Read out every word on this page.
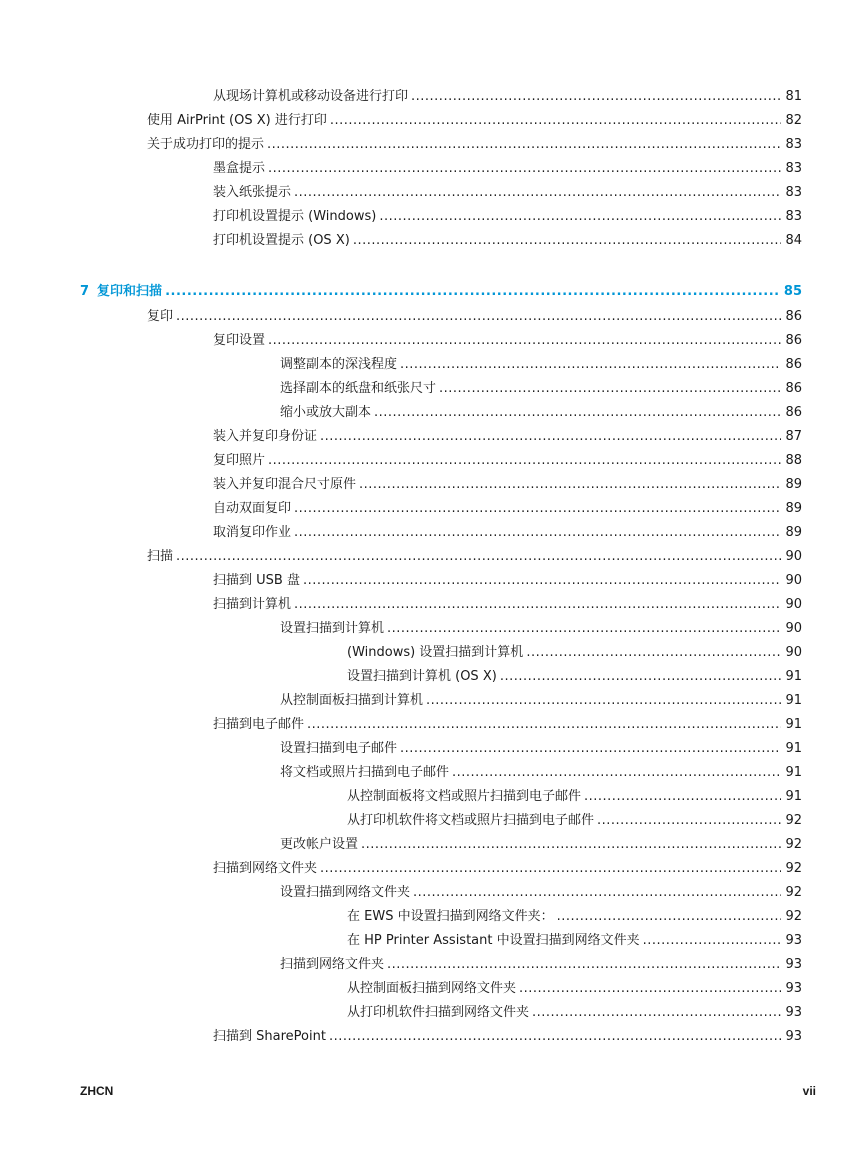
从现场计算机或移动设备进行打印 .....	81
使用 AirPrint (OS X) 进行打印 .....	82
关于成功打印的提示 .....	83
墨盒提示 .....	83
装入纸张提示 .....	83
打印机设置提示 (Windows) .....	83
打印机设置提示 (OS X) .....	84
7 复印和扫描 .....	85
复印 .....	86
复印设置 .....	86
调整副本的深浅程度 .....	86
选择副本的纸盘和纸张尺寸 .....	86
缩小或放大副本 .....	86
装入并复印身份证 .....	87
复印照片 .....	88
装入并复印混合尺寸原件 .....	89
自动双面复印 .....	89
取消复印作业 .....	89
扫描 .....	90
扫描到 USB 盘 .....	90
扫描到计算机 .....	90
设置扫描到计算机 .....	90
(Windows) 设置扫描到计算机 .....	90
设置扫描到计算机 (OS X) .....	91
从控制面板扫描到计算机 .....	91
扫描到电子邮件 .....	91
设置扫描到电子邮件 .....	91
将文档或照片扫描到电子邮件 .....	91
从控制面板将文档或照片扫描到电子邮件 .....	91
从打印机软件将文档或照片扫描到电子邮件 .....	92
更改帐户设置 .....	92
扫描到网络文件夹 .....	92
设置扫描到网络文件夹 .....	92
在 EWS 中设置扫描到网络文件夹： .....	92
在 HP Printer Assistant 中设置扫描到网络文件夹 .....	93
扫描到网络文件夹 .....	93
从控制面板扫描到网络文件夹 .....	93
从打印机软件扫描到网络文件夹 .....	93
扫描到 SharePoint .....	93
ZHCN	vii
